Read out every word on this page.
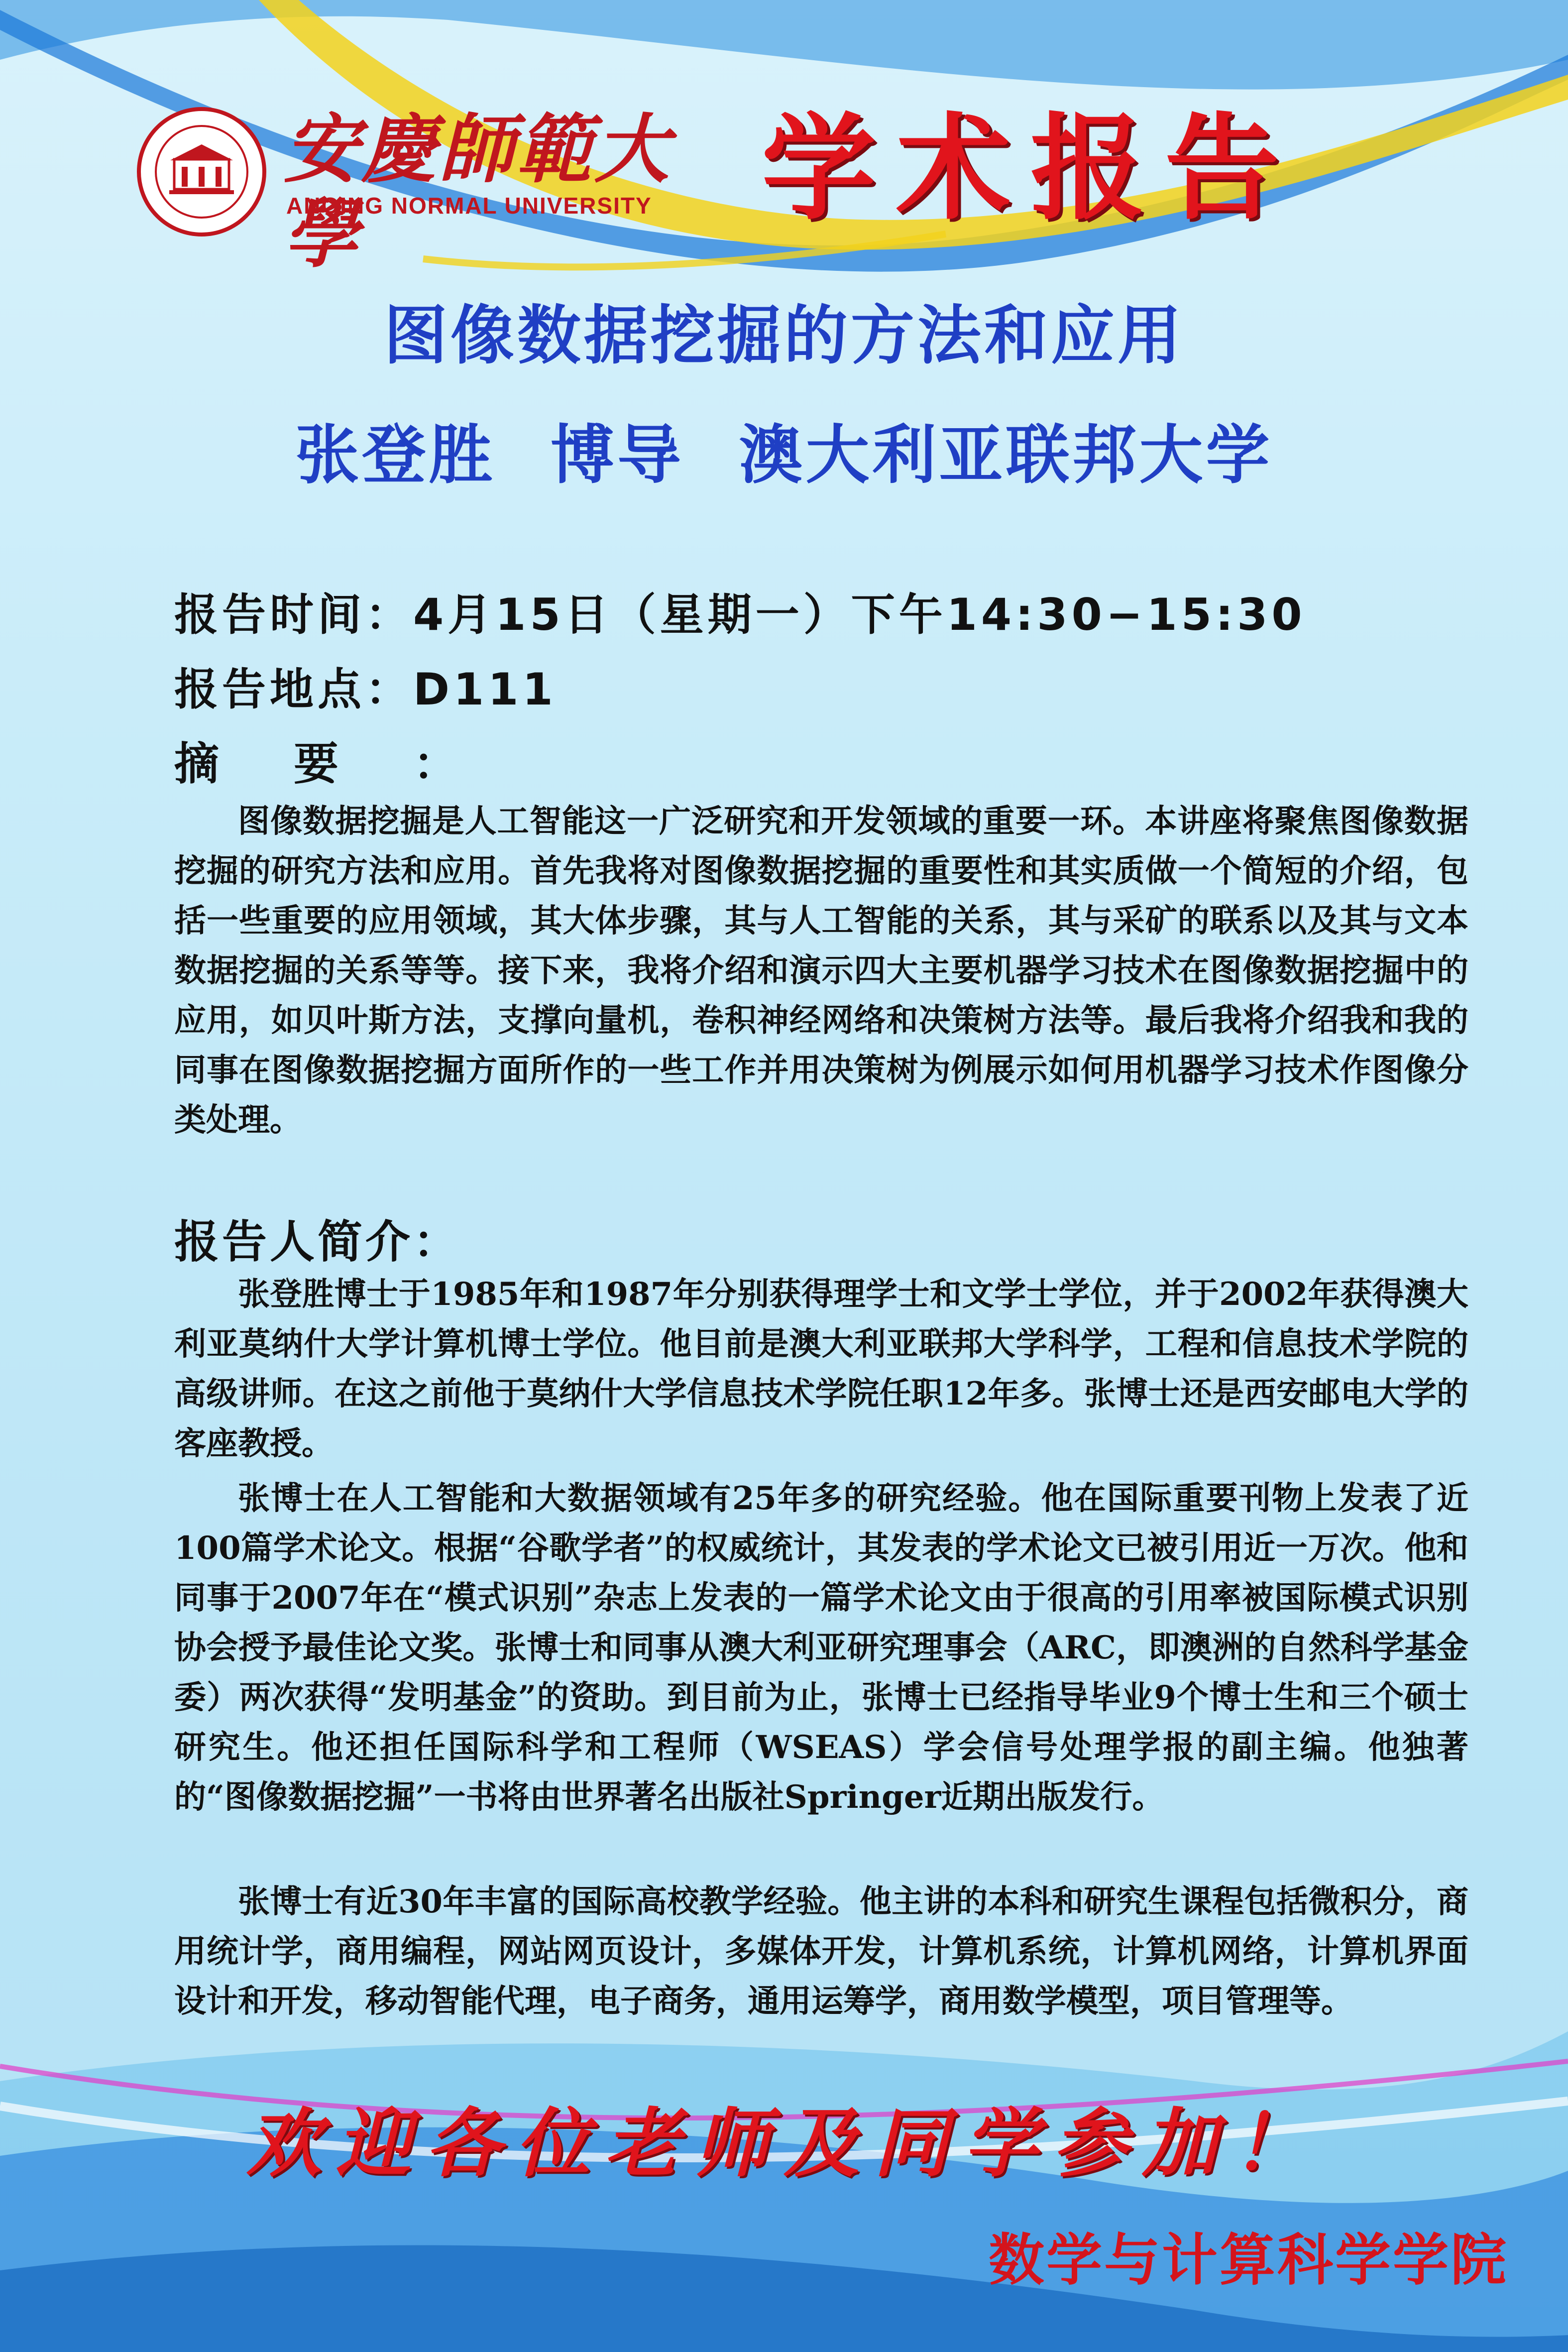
安慶師範大學
ANQING NORMAL UNIVERSITY 学术报告
图像数据挖掘的方法和应用
张登胜 博导 澳大利亚联邦大学
报告时间：4月15日（星期一）下午14:30−15:30
报告地点：D111
摘要：

图像数据挖掘是人工智能这一广泛研究和开发领域的重要一环。本讲座将聚焦图像数据挖掘的研究方法和应用。首先我将对图像数据挖掘的重要性和其实质做一个简短的介绍，包括一些重要的应用领域，其大体步骤，其与人工智能的关系，其与采矿的联系以及其与文本数据挖掘的关系等等。接下来，我将介绍和演示四大主要机器学习技术在图像数据挖掘中的应用，如贝叶斯方法，支撑向量机，卷积神经网络和决策树方法等。最后我将介绍我和我的同事在图像数据挖掘方面所作的一些工作并用决策树为例展示如何用机器学习技术作图像分类处理。

报告人简介：

张登胜博士于1985年和1987年分别获得理学士和文学士学位，并于2002年获得澳大利亚莫纳什大学计算机博士学位。他目前是澳大利亚联邦大学科学，工程和信息技术学院的高级讲师。在这之前他于莫纳什大学信息技术学院任职12年多。张博士还是西安邮电大学的客座教授。

张博士在人工智能和大数据领域有25年多的研究经验。他在国际重要刊物上发表了近100篇学术论文。根据“谷歌学者”的权威统计，其发表的学术论文已被引用近一万次。他和同事于2007年在“模式识别”杂志上发表的一篇学术论文由于很高的引用率被国际模式识别协会授予最佳论文奖。张博士和同事从澳大利亚研究理事会（ARC，即澳洲的自然科学基金委）两次获得“发明基金”的资助。到目前为止，张博士已经指导毕业9个博士生和三个硕士研究生。他还担任国际科学和工程师（WSEAS）学会信号处理学报的副主编。他独著的“图像数据挖掘”一书将由世界著名出版社Springer近期出版发行。

张博士有近30年丰富的国际高校教学经验。他主讲的本科和研究生课程包括微积分，商用统计学，商用编程，网站网页设计，多媒体开发，计算机系统，计算机网络，计算机界面设计和开发，移动智能代理，电子商务，通用运筹学，商用数学模型，项目管理等。

欢迎各位老师及同学参加！
数学与计算科学学院
